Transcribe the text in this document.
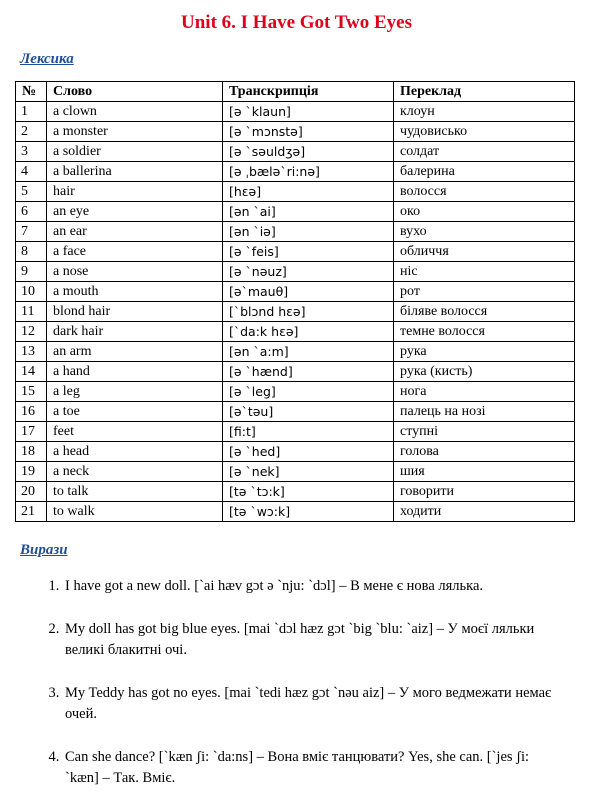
Unit 6. I Have Got Two Eyes
Лексика
№	Слово	Транскрипція	Переклад
1	a clown	[ə `klaun]	клоун
2	a monster	[ə `mɔnstə]	чудовисько
3	a soldier	[ə `səuldʒə]	солдат
4	a ballerina	[ə ˌbælə`ri:nə]	балерина
5	hair	[hɛə]	волосся
6	an eye	[ən `ai]	око
7	an ear	[ən `iə]	вухо
8	a face	[ə `feis]	обличчя
9	a nose	[ə `nəuz]	ніс
10	a mouth	[ə`mauθ]	рот
11	blond hair	[`blɔnd hɛə]	біляве волосся
12	dark hair	[`da:k hɛə]	темне волосся
13	an arm	[ən `a:m]	рука
14	a hand	[ə `hænd]	рука (кисть)
15	a leg	[ə `leg]	нога
16	a toe	[ə`təu]	палець на нозі
17	feet	[fi:t]	ступні
18	a head	[ə `hed]	голова
19	a neck	[ə `nek]	шия
20	to talk	[tə `tɔ:k]	говорити
21	to walk	[tə `wɔ:k]	ходити
Вирази
1. I have got a new doll. [`ai hæv gɔt ə `nju: `dɔl] – В мене є нова лялька.
2. My doll has got big blue eyes. [mai `dɔl hæz gɔt `big `blu: `aiz] – У моєї ляльки великі блакитні очі.
3. My Teddy has got no eyes. [mai `tedi hæz gɔt `nəu aiz] – У мого ведмежати немає очей.
4. Can she dance? [`kæn ʃi: `da:ns] – Вона вміє танцювати? Yes, she can. [`jes ʃi: `kæn] – Так. Вміє.
